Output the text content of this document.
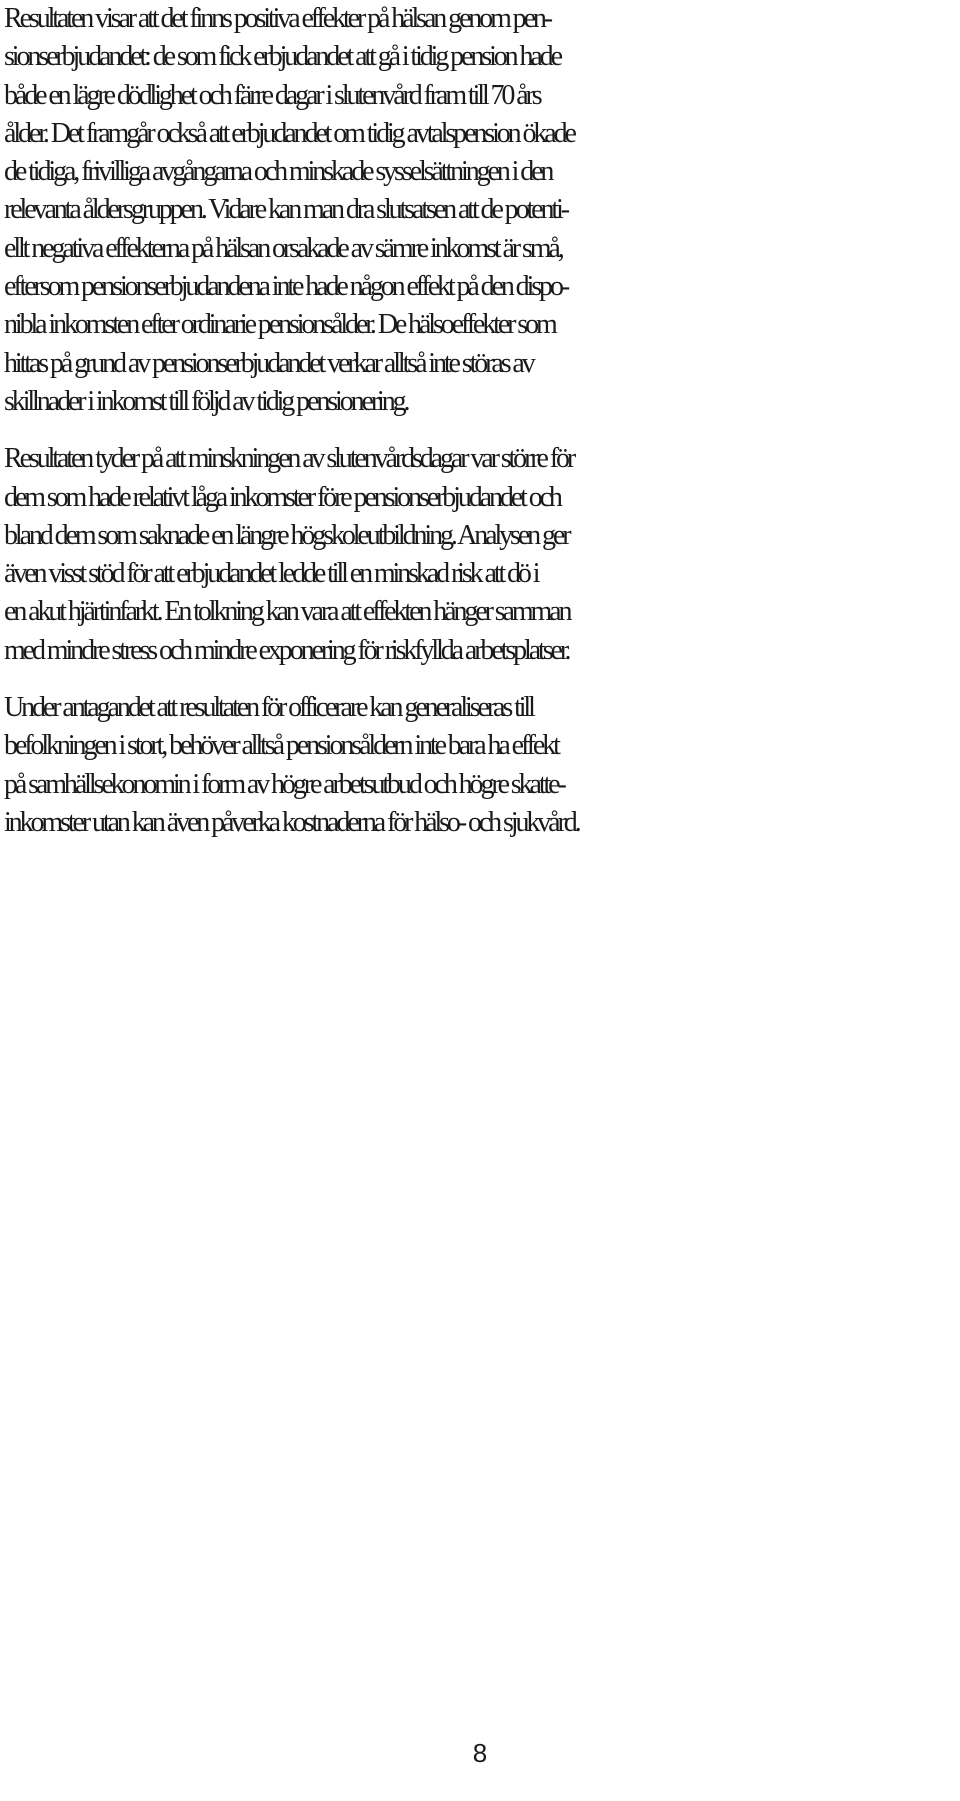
Resultaten visar att det finns positiva effekter på hälsan genom pen-
sionserbjudandet: de som fick erbjudandet att gå i tidig pension hade
både en lägre dödlighet och färre dagar i slutenvård fram till 70 års
ålder. Det framgår också att erbjudandet om tidig avtalspension ökade
de tidiga, frivilliga avgångarna och minskade sysselsättningen i den
relevanta åldersgruppen. Vidare kan man dra slutsatsen att de potenti-
ellt negativa effekterna på hälsan orsakade av sämre inkomst är små,
eftersom pensionserbjudandena inte hade någon effekt på den dispo-
nibla inkomsten efter ordinarie pensionsålder. De hälsoeffekter som
hittas på grund av pensionserbjudandet verkar alltså inte störas av
skillnader i inkomst till följd av tidig pensionering.

Resultaten tyder på att minskningen av slutenvårdsdagar var större för
dem som hade relativt låga inkomster före pensionserbjudandet och
bland dem som saknade en längre högskoleutbildning. Analysen ger
även visst stöd för att erbjudandet ledde till en minskad risk att dö i
en akut hjärtinfarkt. En tolkning kan vara att effekten hänger samman
med mindre stress och mindre exponering för riskfyllda arbetsplatser.

Under antagandet att resultaten för officerare kan generaliseras till
befolkningen i stort, behöver alltså pensionsåldern inte bara ha effekt
på samhällsekonomin i form av högre arbetsutbud och högre skatte-
inkomster utan kan även påverka kostnaderna för hälso- och sjukvård.

8
